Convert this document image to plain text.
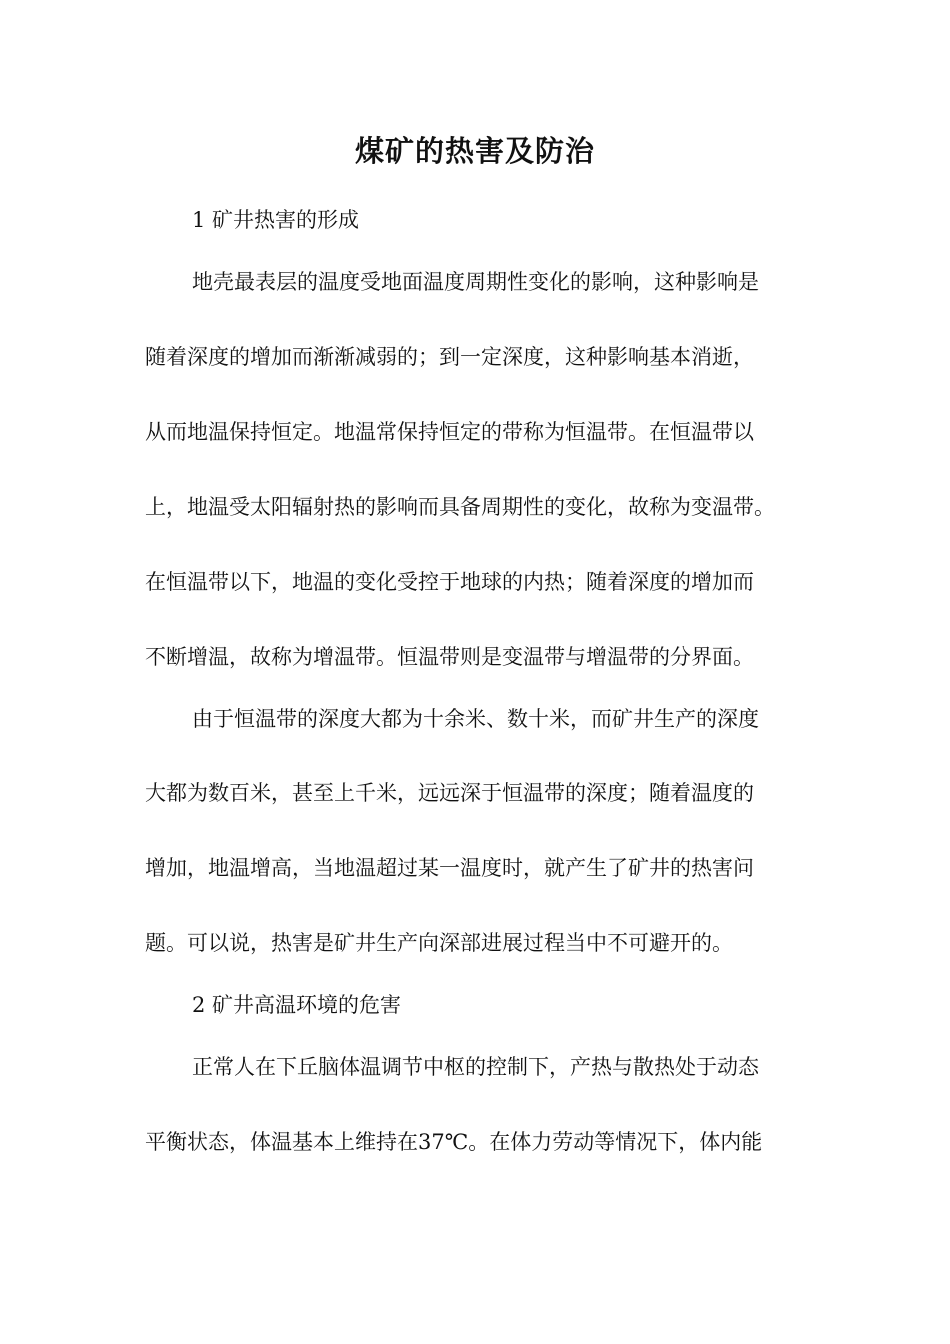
煤矿的热害及防治

1 矿井热害的形成

地壳最表层的温度受地面温度周期性变化的影响，这种影响是

随着深度的增加而渐渐减弱的；到一定深度，这种影响基本消逝，

从而地温保持恒定。地温常保持恒定的带称为恒温带。在恒温带以

上，地温受太阳辐射热的影响而具备周期性的变化，故称为变温带。

在恒温带以下，地温的变化受控于地球的内热；随着深度的增加而

不断增温，故称为增温带。恒温带则是变温带与增温带的分界面。

由于恒温带的深度大都为十余米、数十米，而矿井生产的深度

大都为数百米，甚至上千米，远远深于恒温带的深度；随着温度的

增加，地温增高，当地温超过某一温度时，就产生了矿井的热害问

题。可以说，热害是矿井生产向深部进展过程当中不可避开的。

2 矿井高温环境的危害

正常人在下丘脑体温调节中枢的控制下，产热与散热处于动态

平衡状态，体温基本上维持在37℃。在体力劳动等情况下，体内能
